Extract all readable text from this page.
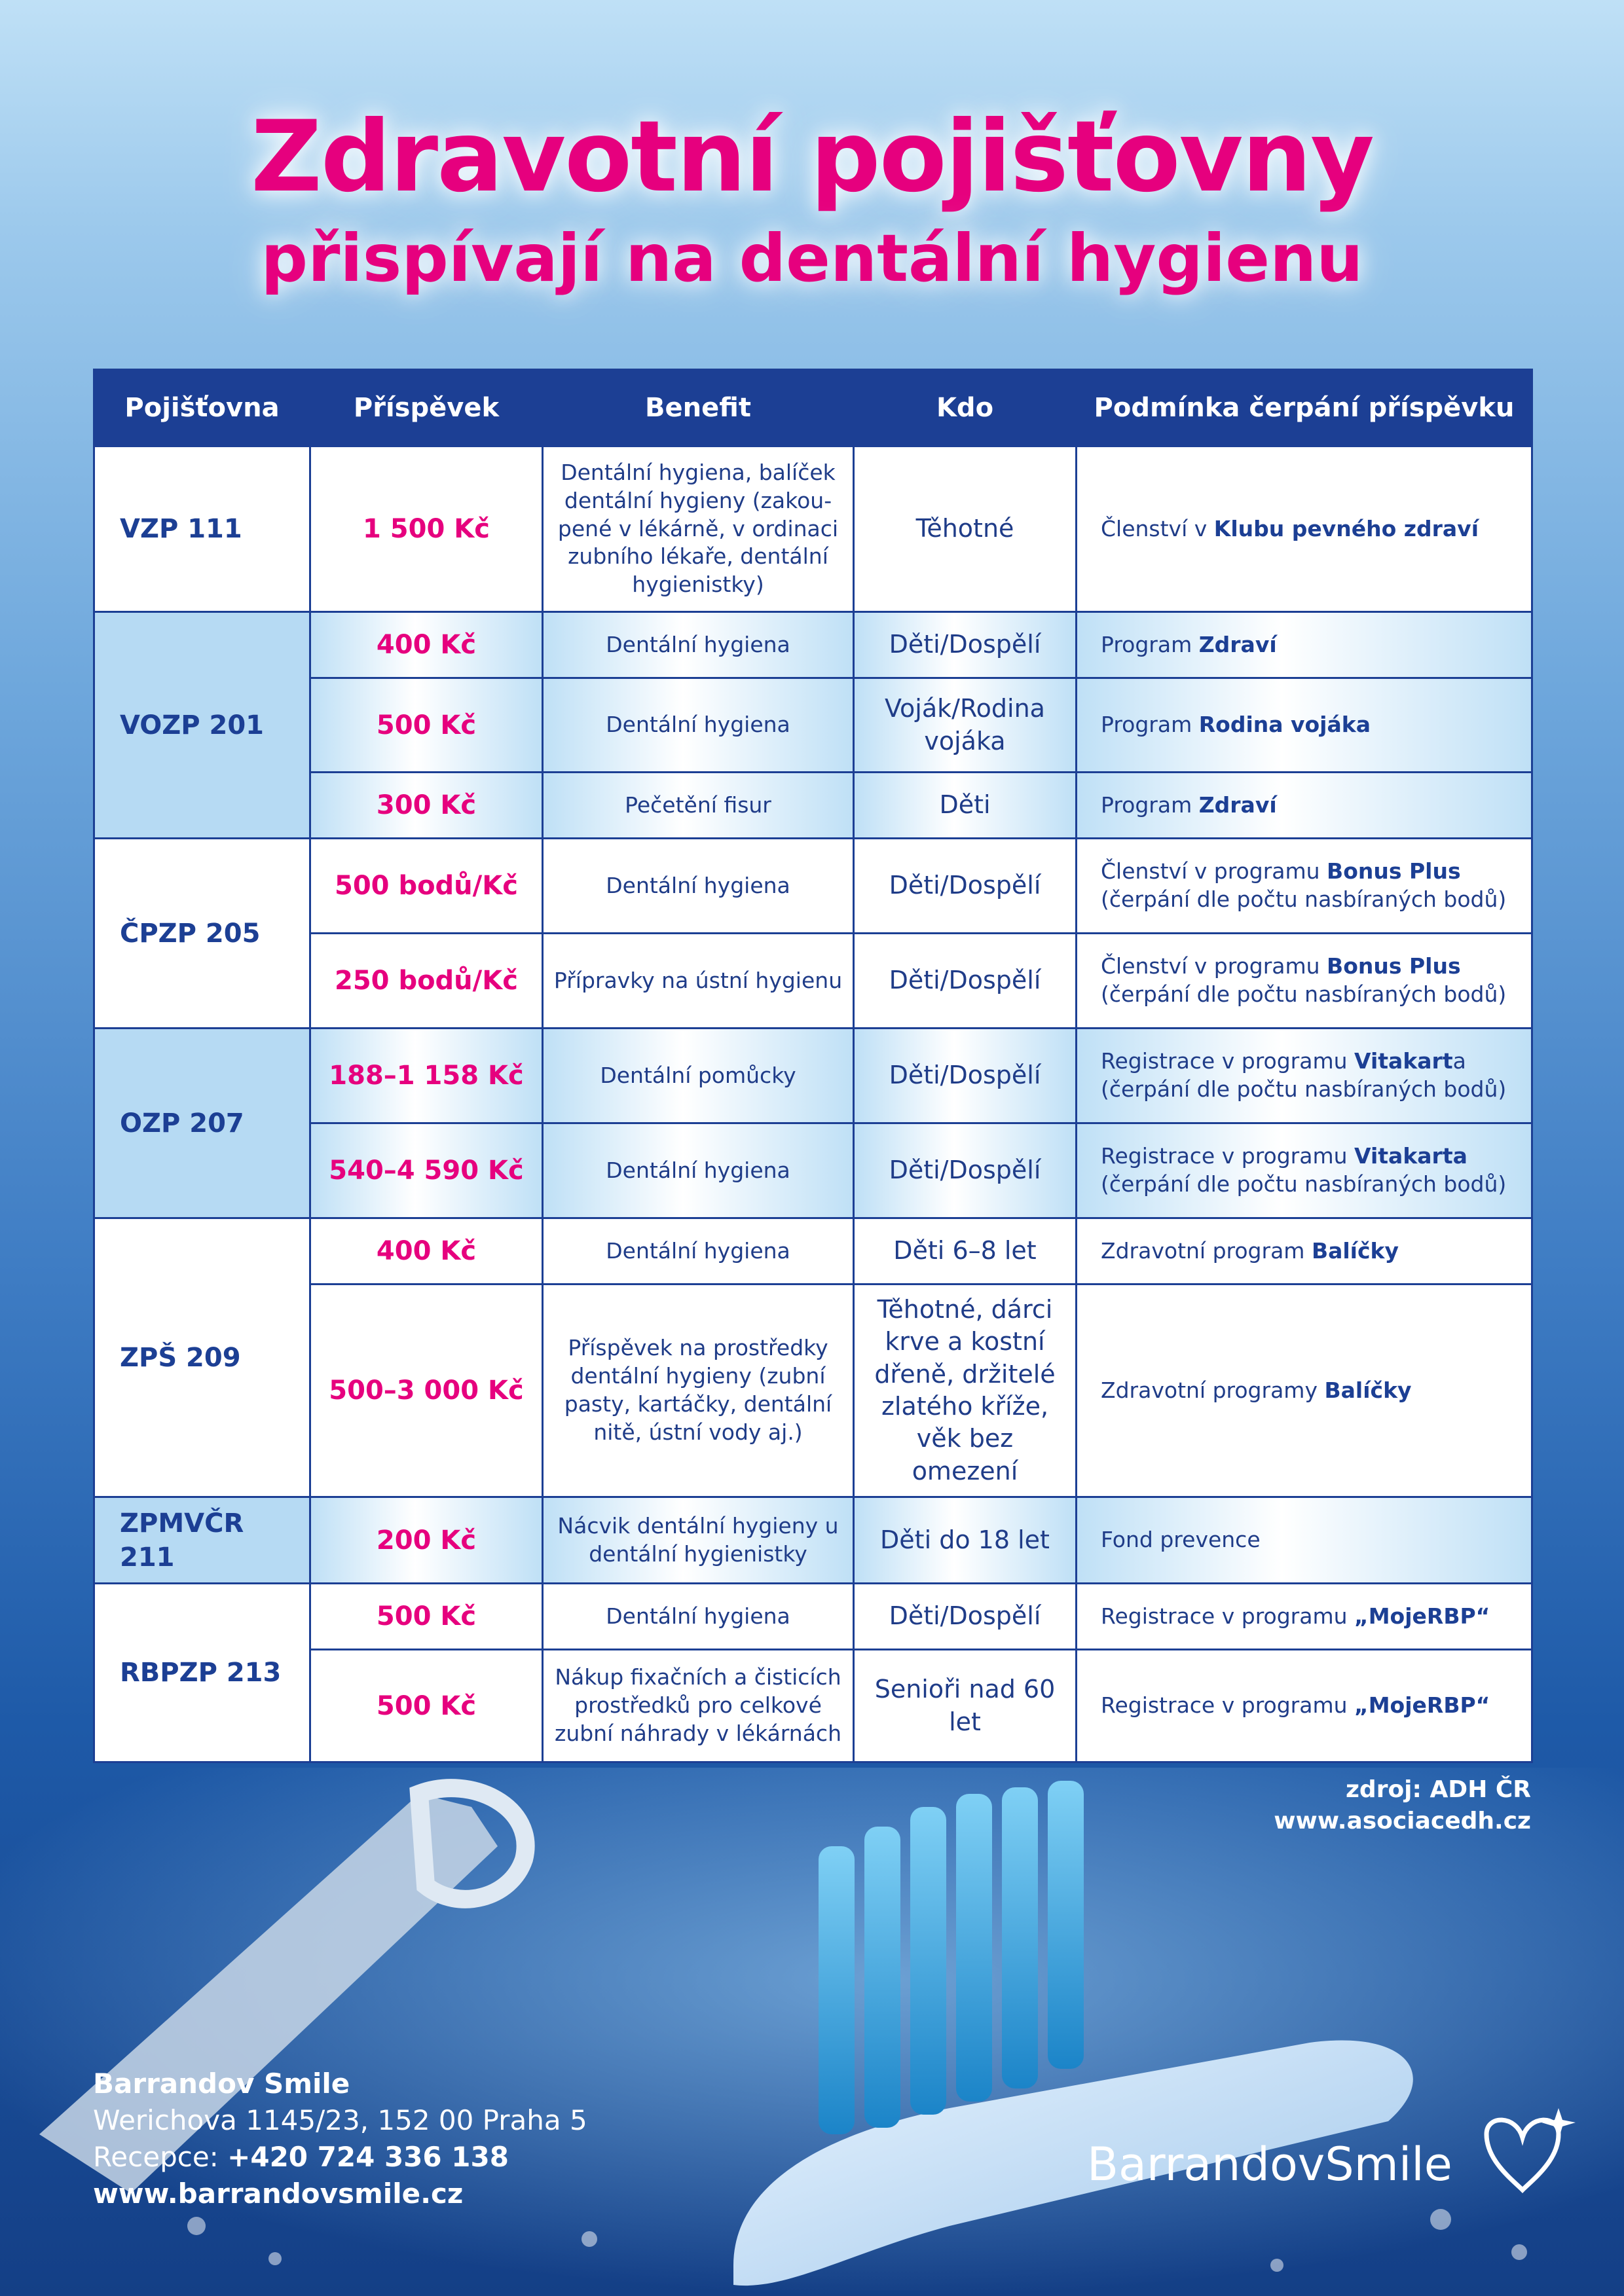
Zdravotní pojišťovny
přispívají na dentální hygienu
Pojišťovna	Příspěvek	Benefit	Kdo	Podmínka čerpání příspěvku
VZP 111	1 500 Kč	Dentální hygiena, balíček dentální hygieny (zakou-pené v lékárně, v ordinaci zubního lékaře, dentální hygienistky)	Těhotné	Členství v Klubu pevného zdraví
VOZP 201	400 Kč	Dentální hygiena	Děti/Dospělí	Program Zdraví
	500 Kč	Dentální hygiena	Voják/Rodina vojáka	Program Rodina vojáka
	300 Kč	Pečetění fisur	Děti	Program Zdraví
ČPZP 205	500 bodů/Kč	Dentální hygiena	Děti/Dospělí	Členství v programu Bonus Plus
(čerpání dle počtu nasbíraných bodů)
	250 bodů/Kč	Přípravky na ústní hygienu	Děti/Dospělí	Členství v programu Bonus Plus
(čerpání dle počtu nasbíraných bodů)
OZP 207	188–1 158 Kč	Dentální pomůcky	Děti/Dospělí	Registrace v programu Vitakarta
(čerpání dle počtu nasbíraných bodů)
	540–4 590 Kč	Dentální hygiena	Děti/Dospělí	Registrace v programu Vitakarta
(čerpání dle počtu nasbíraných bodů)
ZPŠ 209	400 Kč	Dentální hygiena	Děti 6–8 let	Zdravotní program Balíčky
	500–3 000 Kč	Příspěvek na prostředky dentální hygieny (zubní pasty, kartáčky, dentální nitě, ústní vody aj.)	Těhotné, dárci krve a kostní dřeně, držitelé zlatého kříže, věk bez omezení	Zdravotní programy Balíčky
ZPMVČR 211	200 Kč	Nácvik dentální hygieny u dentální hygienistky	Děti do 18 let	Fond prevence
RBPZP 213	500 Kč	Dentální hygiena	Děti/Dospělí	Registrace v programu „MojeRBP“
	500 Kč	Nákup fixačních a čisticích prostředků pro celkové zubní náhrady v lékárnách	Senioři nad 60 let	Registrace v programu „MojeRBP“
zdroj: ADH ČR
www.asociacedh.cz
Barrandov Smile
Werichova 1145/23, 152 00 Praha 5
Recepce: +420 724 336 138
www.barrandovsmile.cz
BarrandovSmile
